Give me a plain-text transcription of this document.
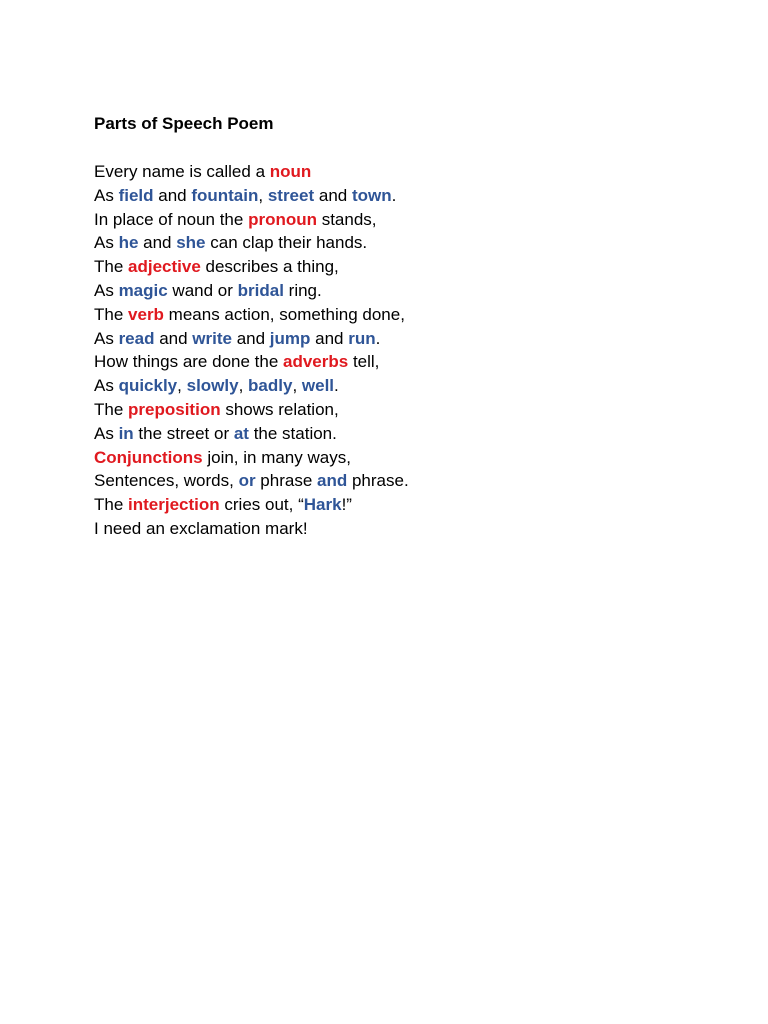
Parts of Speech Poem
Every name is called a noun
As field and fountain, street and town.
In place of noun the pronoun stands,
As he and she can clap their hands.
The adjective describes a thing,
As magic wand or bridal ring.
The verb means action, something done,
As read and write and jump and run.
How things are done the adverbs tell,
As quickly, slowly, badly, well.
The preposition shows relation,
As in the street or at the station.
Conjunctions join, in many ways,
Sentences, words, or phrase and phrase.
The interjection cries out, “Hark!”
I need an exclamation mark!
